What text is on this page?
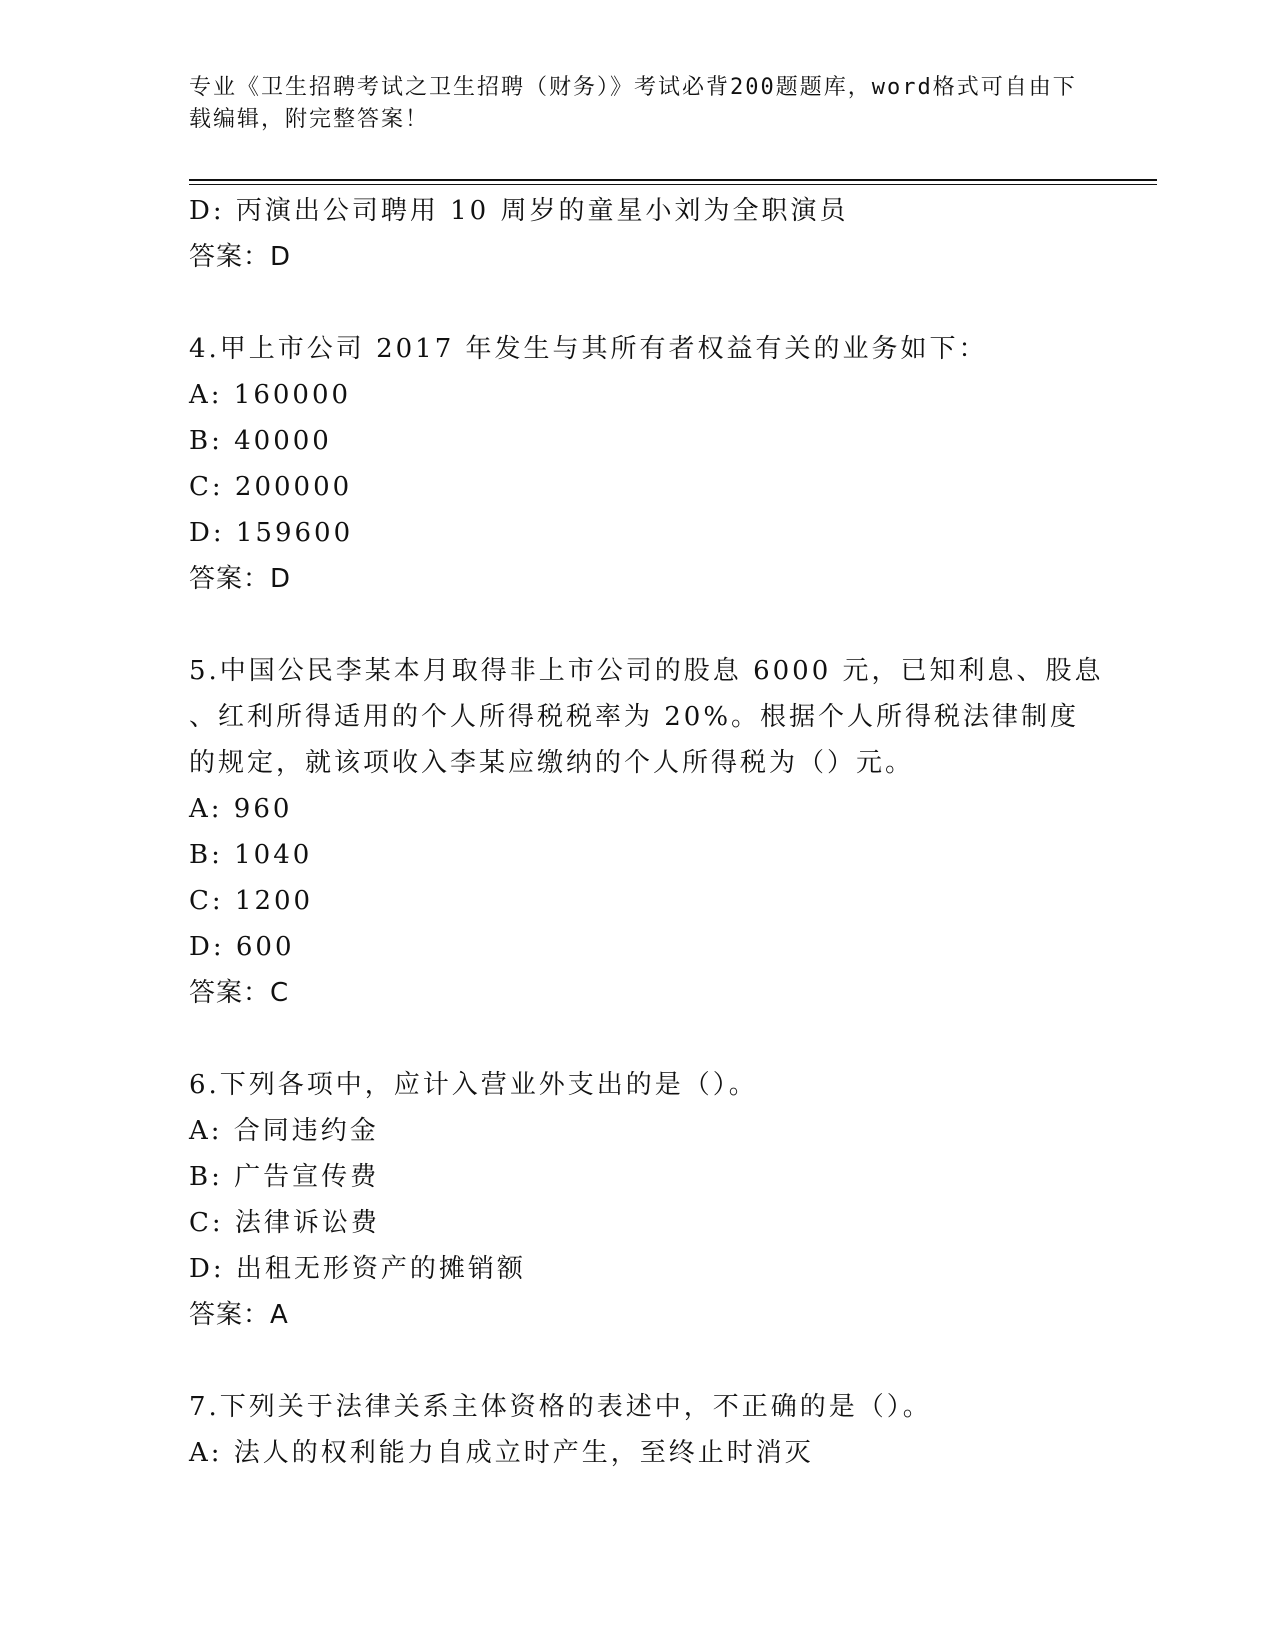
专业《卫生招聘考试之卫生招聘（财务）》考试必背200题题库，word格式可自由下载编辑，附完整答案！
D: 丙演出公司聘用 10 周岁的童星小刘为全职演员
答案：D
4.甲上市公司 2017 年发生与其所有者权益有关的业务如下：
A: 160000
B: 40000
C: 200000
D: 159600
答案：D
5.中国公民李某本月取得非上市公司的股息 6000 元，已知利息、股息
、红利所得适用的个人所得税税率为 20%。根据个人所得税法律制度
的规定，就该项收入李某应缴纳的个人所得税为（）元。
A: 960
B: 1040
C: 1200
D: 600
答案：C
6.下列各项中，应计入营业外支出的是（）。
A: 合同违约金
B: 广告宣传费
C: 法律诉讼费
D: 出租无形资产的摊销额
答案：A
7.下列关于法律关系主体资格的表述中，不正确的是（）。
A: 法人的权利能力自成立时产生，至终止时消灭
